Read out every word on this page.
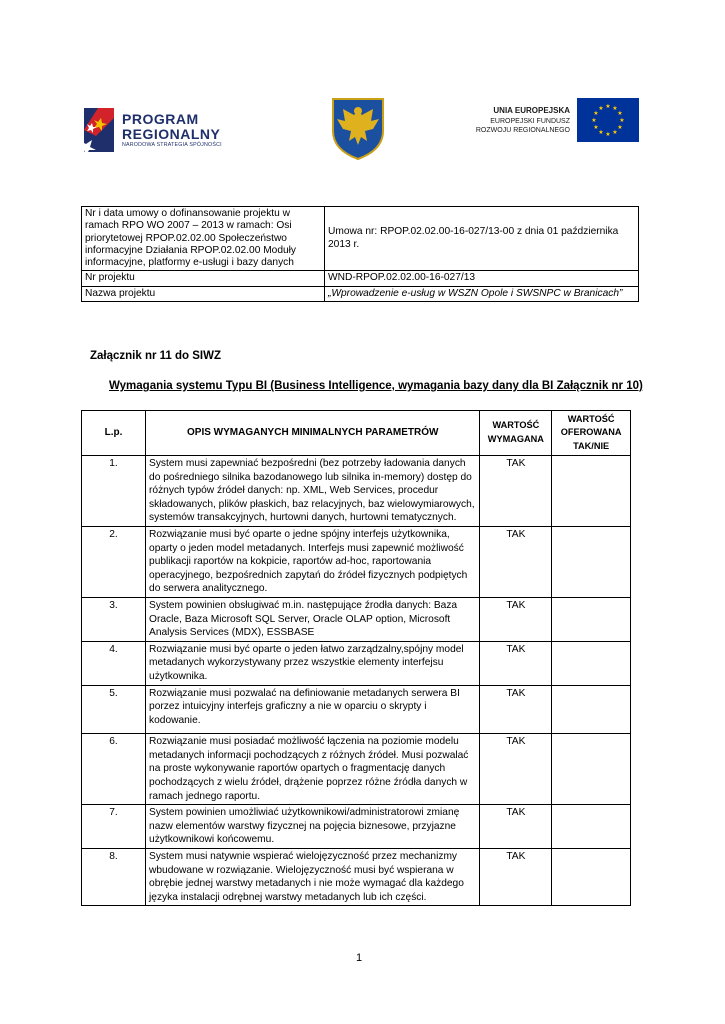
PROGRAM
REGIONALNY
NARODOWA STRATEGIA SPÓJNOŚCI
UNIA EUROPEJSKA
EUROPEJSKI FUNDUSZ
ROZWOJU REGIONALNEGO
★ ★
★
★
★
★
★
★
★
★
★
★
Nr i data umowy o dofinansowanie projektu w ramach RPO WO 2007 – 2013 w ramach: Osi priorytetowej RPOP.02.02.00 Społeczeństwo informacyjne Działania RPOP.02.02.00 Moduły informacyjne, platformy e-usługi i bazy danych	Umowa nr: RPOP.02.02.00-16-027/13-00 z dnia 01 października 2013 r.
Nr projektu	WND-RPOP.02.02.00-16-027/13
Nazwa projektu	„Wprowadzenie e-usług w WSZN Opole i SWSNPC w Branicach”
Załącznik nr 11 do SIWZ
Wymagania systemu Typu BI (Business Intelligence, wymagania bazy dany dla BI Załącznik nr 10)
L.p.	OPIS WYMAGANYCH MINIMALNYCH PARAMETRÓW	WARTOŚĆ WYMAGANA	WARTOŚĆ OFEROWANA TAK/NIE
1.	System musi zapewniać bezpośredni (bez potrzeby ładowania danych do pośredniego silnika bazodanowego lub silnika in-memory) dostęp do różnych typów źródeł danych: np. XML, Web Services, procedur składowanych, plików płaskich, baz relacyjnych, baz wielowymiarowych, systemów transakcyjnych, hurtowni danych, hurtowni tematycznych.	TAK	
2.	Rozwiązanie musi być oparte o jedne spójny interfejs użytkownika, oparty o jeden model metadanych. Interfejs musi zapewnić możliwość publikacji raportów na kokpicie, raportów ad-hoc, raportowania operacyjnego, bezpośrednich zapytań do źródeł fizycznych podpiętych do serwera analitycznego.	TAK	
3.	System powinien obsługiwać m.in. następujące źrodła danych: Baza Oracle, Baza Microsoft SQL Server, Oracle OLAP option, Microsoft Analysis Services (MDX), ESSBASE	TAK	
4.	Rozwiązanie musi być oparte o jeden łatwo zarządzalny,spójny model metadanych wykorzystywany przez wszystkie elementy interfejsu użytkownika.	TAK	
5.	Rozwiązanie musi pozwalać na definiowanie metadanych serwera BI porzez intuicyjny interfejs graficzny a nie w oparciu o skrypty i kodowanie.	TAK	
6.	Rozwiązanie musi posiadać możliwość łączenia na poziomie modelu metadanych informacji pochodzących z różnych źródeł. Musi pozwalać na proste wykonywanie raportów opartych o fragmentację danych pochodzących z wielu źródeł, drążenie poprzez różne źródła danych w ramach jednego raportu.	TAK	
7.	System powinien umożliwiać użytkownikowi/administratorowi zmianę nazw elementów warstwy fizycznej na pojęcia biznesowe, przyjazne użytkownikowi końcowemu.	TAK	
8.	System musi natywnie wspierać wielojęzyczność przez mechanizmy wbudowane w rozwiązanie. Wielojęzyczność musi być wspierana w obrębie jednej warstwy metadanych i nie może wymagać dla każdego języka instalacji odrębnej warstwy metadanych lub ich części.	TAK	
1
